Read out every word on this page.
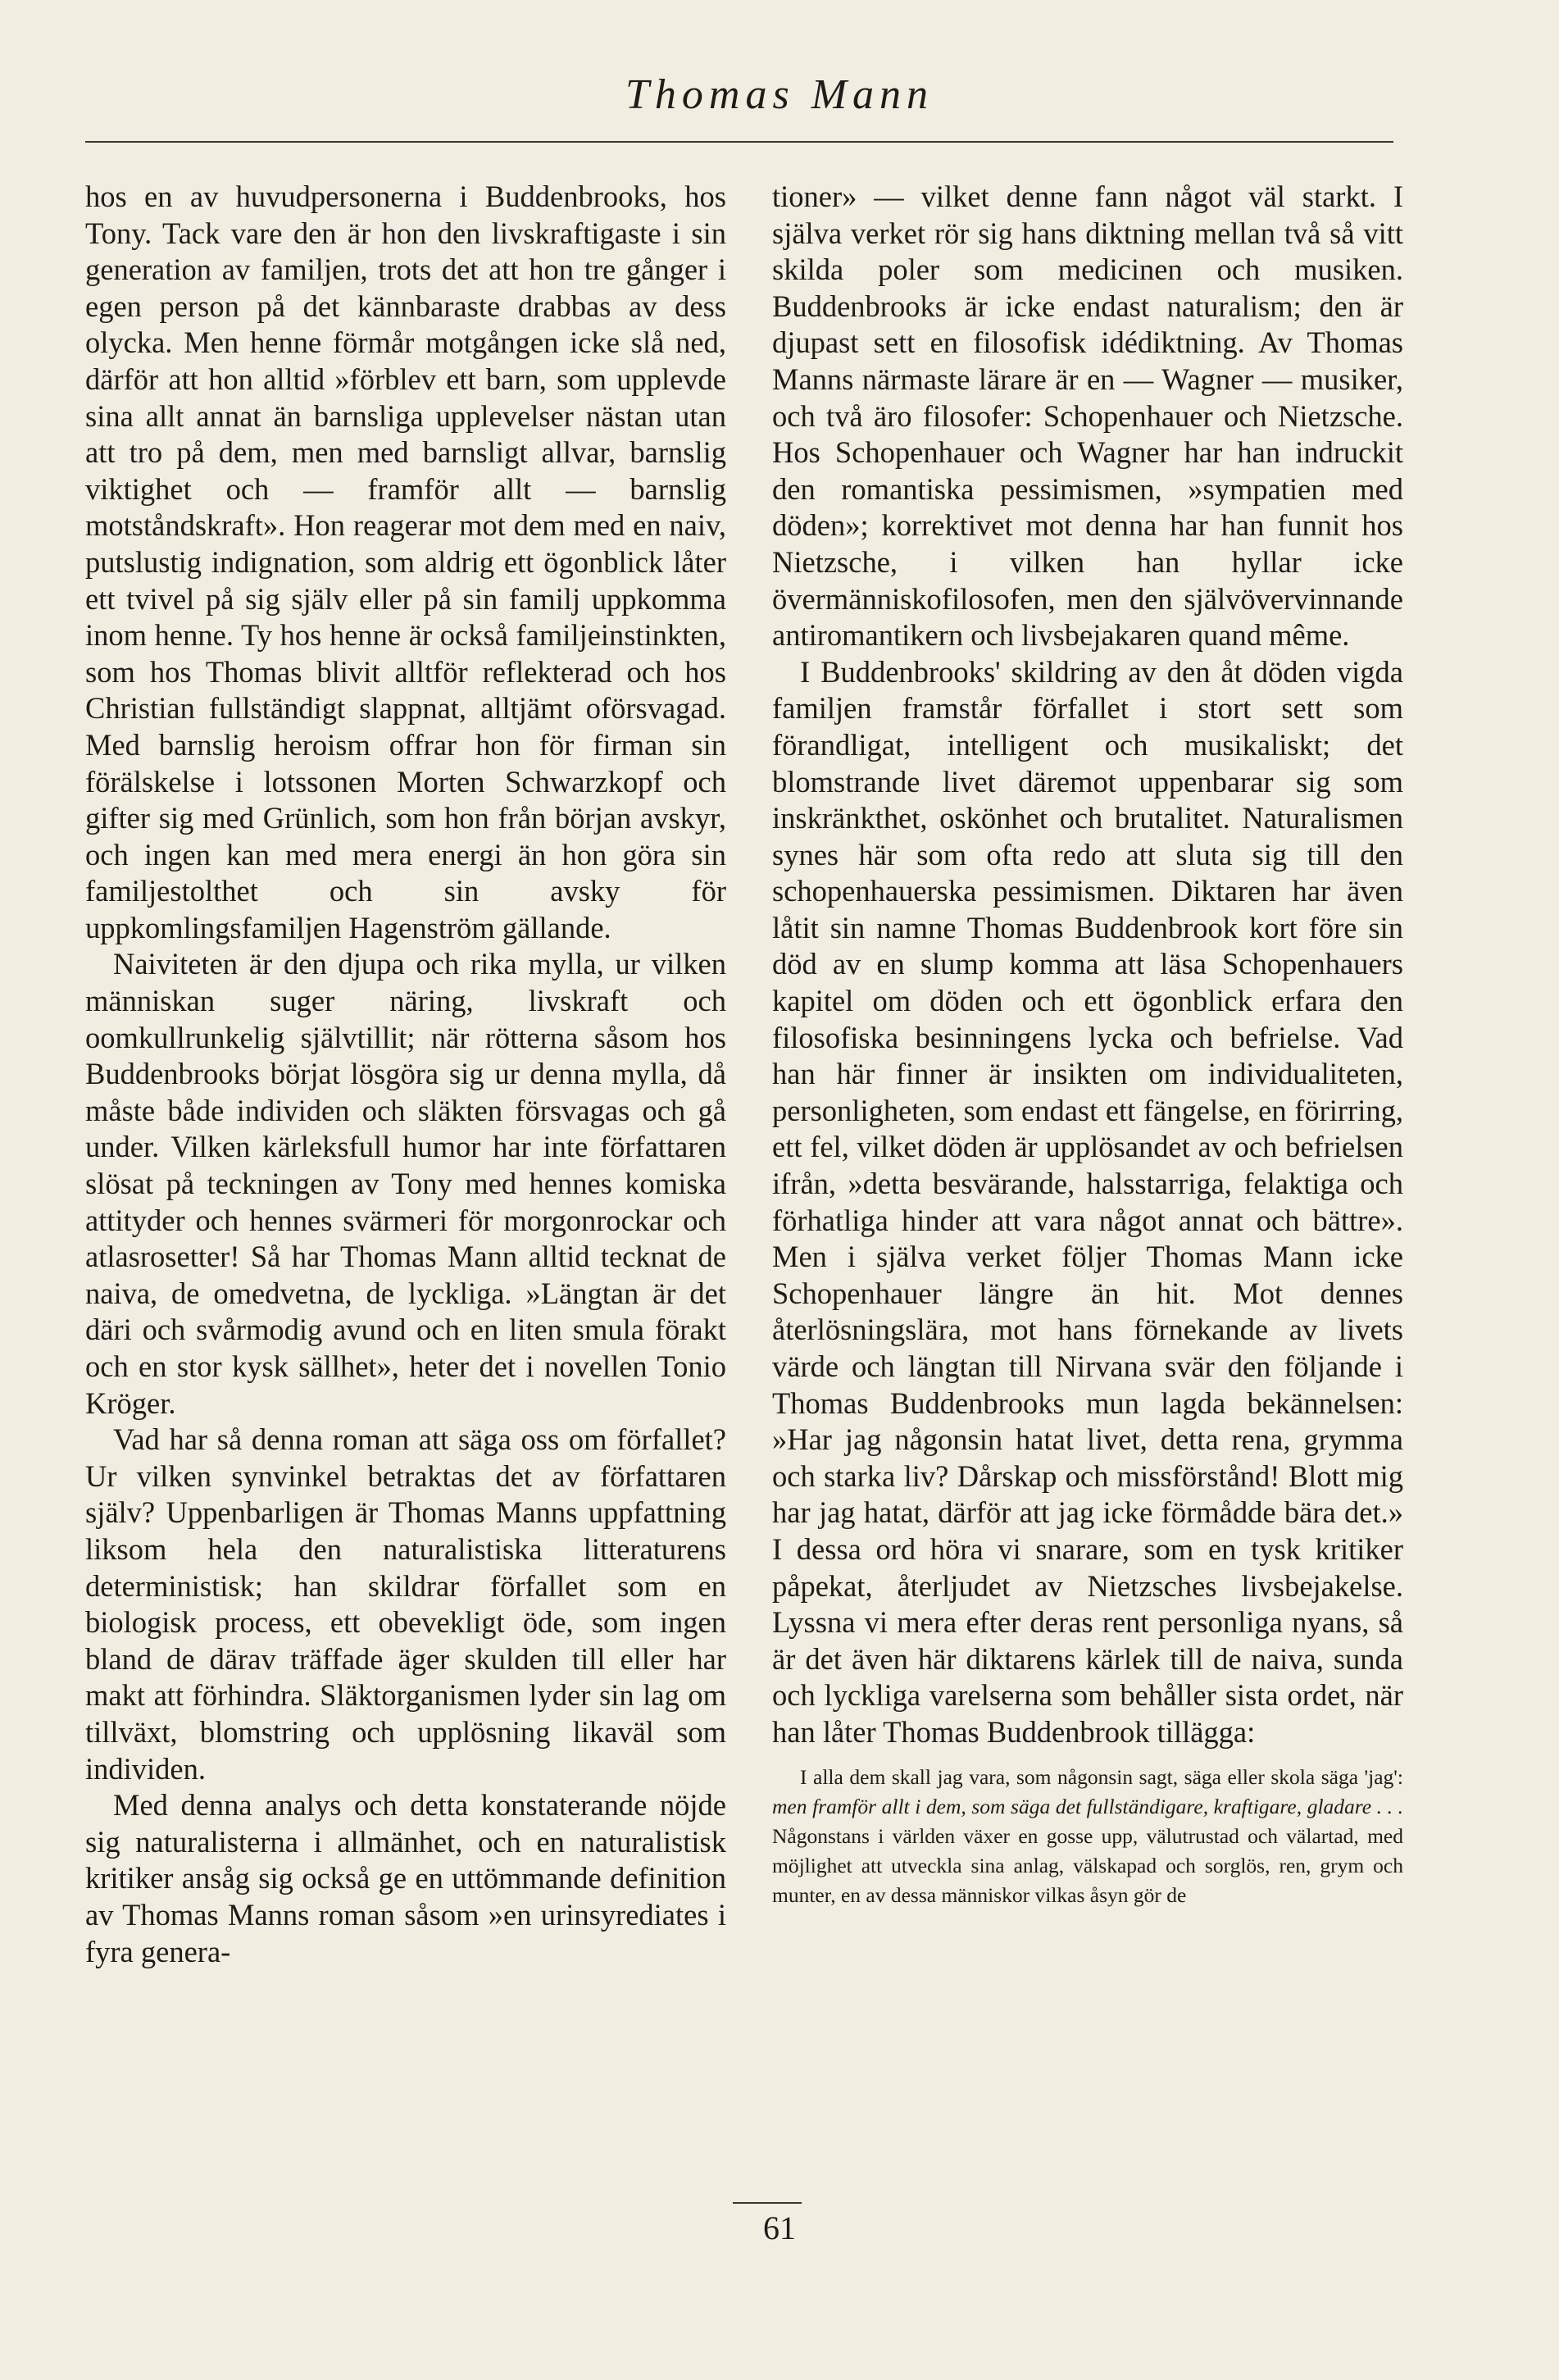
Thomas Mann

hos en av huvudpersonerna i Buddenbrooks, hos Tony. Tack vare den är hon den livskraftigaste i sin generation av familjen, trots det att hon tre gånger i egen person på det kännbaraste drabbas av dess olycka. Men henne förmår motgången icke slå ned, därför att hon alltid »förblev ett barn, som upplevde sina allt annat än barnsliga upplevelser nästan utan att tro på dem, men med barnsligt allvar, barnslig viktighet och — framför allt — barnslig motståndskraft». Hon reagerar mot dem med en naiv, putslustig indignation, som aldrig ett ögonblick låter ett tvivel på sig själv eller på sin familj uppkomma inom henne. Ty hos henne är också familjeinstinkten, som hos Thomas blivit alltför reflekterad och hos Christian fullständigt slappnat, alltjämt oförsvagad. Med barnslig heroism offrar hon för firman sin förälskelse i lotssonen Morten Schwarzkopf och gifter sig med Grünlich, som hon från början avskyr, och ingen kan med mera energi än hon göra sin familjestolthet och sin avsky för uppkomlingsfamiljen Hagenström gällande.

Naiviteten är den djupa och rika mylla, ur vilken människan suger näring, livskraft och oomkullrunkelig självtillit; när rötterna såsom hos Buddenbrooks börjat lösgöra sig ur denna mylla, då måste både individen och släkten försvagas och gå under. Vilken kärleksfull humor har inte författaren slösat på teckningen av Tony med hennes komiska attityder och hennes svärmeri för morgonrockar och atlasrosetter! Så har Thomas Mann alltid tecknat de naiva, de omedvetna, de lyckliga. »Längtan är det däri och svårmodig avund och en liten smula förakt och en stor kysk sällhet», heter det i novellen Tonio Kröger.

Vad har så denna roman att säga oss om förfallet? Ur vilken synvinkel betraktas det av författaren själv? Uppenbarligen är Thomas Manns uppfattning liksom hela den naturalistiska litteraturens deterministisk; han skildrar förfallet som en biologisk process, ett obevekligt öde, som ingen bland de därav träffade äger skulden till eller har makt att förhindra. Släktorganismen lyder sin lag om tillväxt, blomstring och upplösning likaväl som individen.

Med denna analys och detta konstaterande nöjde sig naturalisterna i allmänhet, och en naturalistisk kritiker ansåg sig också ge en uttömmande definition av Thomas Manns roman såsom »en urinsyrediates i fyra genera-

tioner» — vilket denne fann något väl starkt. I själva verket rör sig hans diktning mellan två så vitt skilda poler som medicinen och musiken. Buddenbrooks är icke endast naturalism; den är djupast sett en filosofisk idédiktning. Av Thomas Manns närmaste lärare är en — Wagner — musiker, och två äro filosofer: Schopenhauer och Nietzsche. Hos Schopenhauer och Wagner har han indruckit den romantiska pessimismen, »sympatien med döden»; korrektivet mot denna har han funnit hos Nietzsche, i vilken han hyllar icke övermänniskofilosofen, men den självövervinnande antiromantikern och livsbejakaren quand même.

I Buddenbrooks' skildring av den åt döden vigda familjen framstår förfallet i stort sett som förandligat, intelligent och musikaliskt; det blomstrande livet däremot uppenbarar sig som inskränkthet, oskönhet och brutalitet. Naturalismen synes här som ofta redo att sluta sig till den schopenhauerska pessimismen. Diktaren har även låtit sin namne Thomas Buddenbrook kort före sin död av en slump komma att läsa Schopenhauers kapitel om döden och ett ögonblick erfara den filosofiska besinningens lycka och befrielse. Vad han här finner är insikten om individualiteten, personligheten, som endast ett fängelse, en förirring, ett fel, vilket döden är upplösandet av och befrielsen ifrån, »detta besvärande, halsstarriga, felaktiga och förhatliga hinder att vara något annat och bättre». Men i själva verket följer Thomas Mann icke Schopenhauer längre än hit. Mot dennes återlösningslära, mot hans förnekande av livets värde och längtan till Nirvana svär den följande i Thomas Buddenbrooks mun lagda bekännelsen: »Har jag någonsin hatat livet, detta rena, grymma och starka liv? Dårskap och missförstånd! Blott mig har jag hatat, därför att jag icke förmådde bära det.» I dessa ord höra vi snarare, som en tysk kritiker påpekat, återljudet av Nietzsches livsbejakelse. Lyssna vi mera efter deras rent personliga nyans, så är det även här diktarens kärlek till de naiva, sunda och lyckliga varelserna som behåller sista ordet, när han låter Thomas Buddenbrook tillägga:

I alla dem skall jag vara, som någonsin sagt, säga eller skola säga 'jag': men framför allt i dem, som säga det fullständigare, kraftigare, gladare . . . Någonstans i världen växer en gosse upp, välutrustad och välartad, med möjlighet att utveckla sina anlag, välskapad och sorglös, ren, grym och munter, en av dessa människor vilkas åsyn gör de
61
